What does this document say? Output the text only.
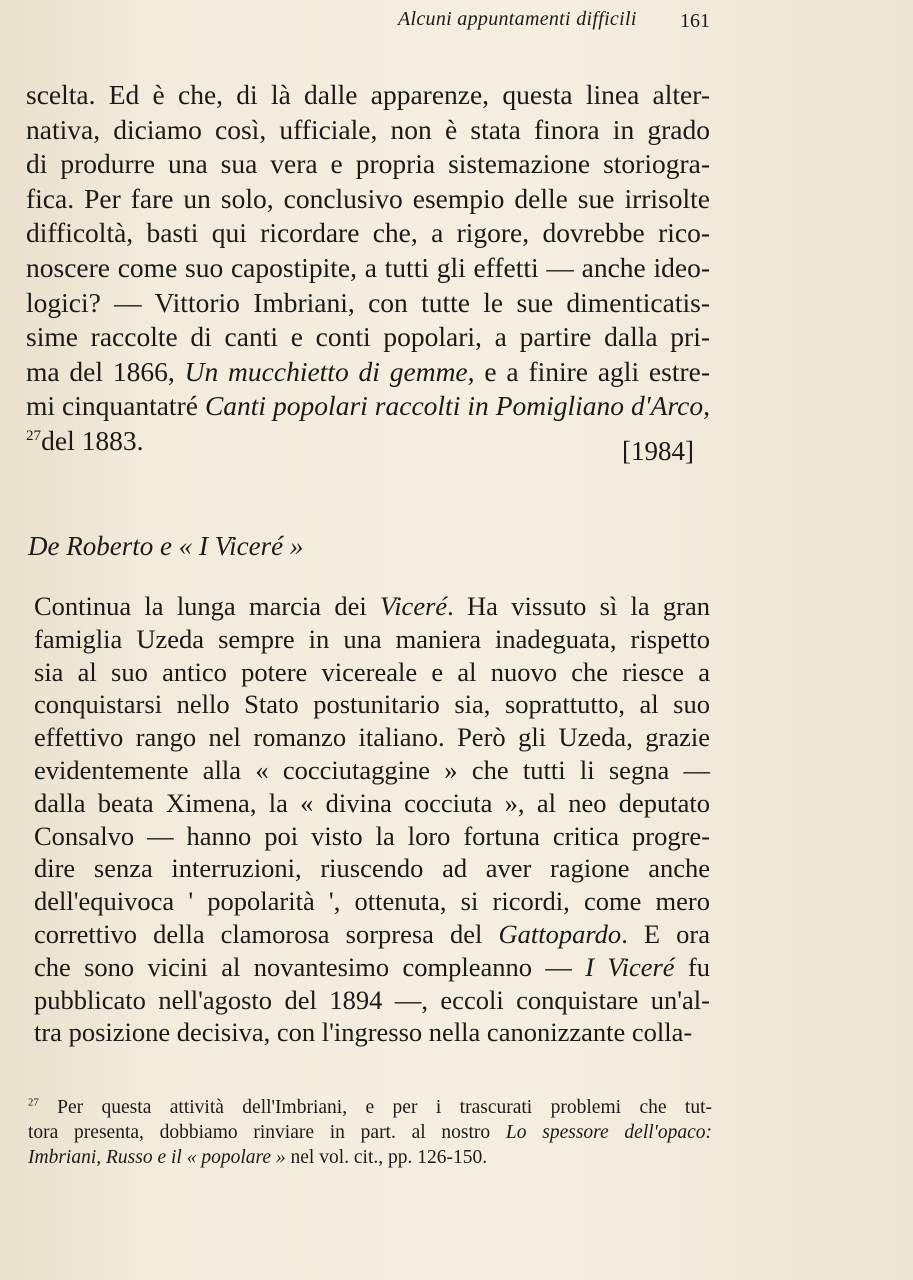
Alcuni appuntamenti difficili 161
scelta. Ed è che, di là dalle apparenze, questa linea alter-
nativa, diciamo così, ufficiale, non è stata finora in grado
di produrre una sua vera e propria sistemazione storiogra-
fica. Per fare un solo, conclusivo esempio delle sue irrisolte
difficoltà, basti qui ricordare che, a rigore, dovrebbe rico-
noscere come suo capostipite, a tutti gli effetti — anche ideo-
logici? — Vittorio Imbriani, con tutte le sue dimenticatis-
sime raccolte di canti e conti popolari, a partire dalla pri-
ma del 1866, Un mucchietto di gemme, e a finire agli estre-
mi cinquantatré Canti popolari raccolti in Pomigliano d'Arco,
$^{27}$del 1883.	[1984]
De Roberto e « I Viceré »
Continua la lunga marcia dei Viceré. Ha vissuto sì la gran
famiglia Uzeda sempre in una maniera inadeguata, rispetto
sia al suo antico potere vicereale e al nuovo che riesce a
conquistarsi nello Stato postunitario sia, soprattutto, al suo
effettivo rango nel romanzo italiano. Però gli Uzeda, grazie
evidentemente alla « cocciutaggine » che tutti li segna —
dalla beata Ximena, la « divina cocciuta », al neo deputato
Consalvo — hanno poi visto la loro fortuna critica progre-
dire senza interruzioni, riuscendo ad aver ragione anche
dell'equivoca ' popolarità ', ottenuta, si ricordi, come mero
correttivo della clamorosa sorpresa del Gattopardo. E ora
che sono vicini al novantesimo compleanno — I Viceré fu
pubblicato nell'agosto del 1894 —, eccoli conquistare un'al-
tra posizione decisiva, con l'ingresso nella canonizzante colla-
$^{27}$ Per questa attività dell'Imbriani, e per i trascurati problemi che tut-
tora presenta, dobbiamo rinviare in part. al nostro Lo spessore dell'opaco:
Imbriani, Russo e il « popolare » nel vol. cit., pp. 126-150.
